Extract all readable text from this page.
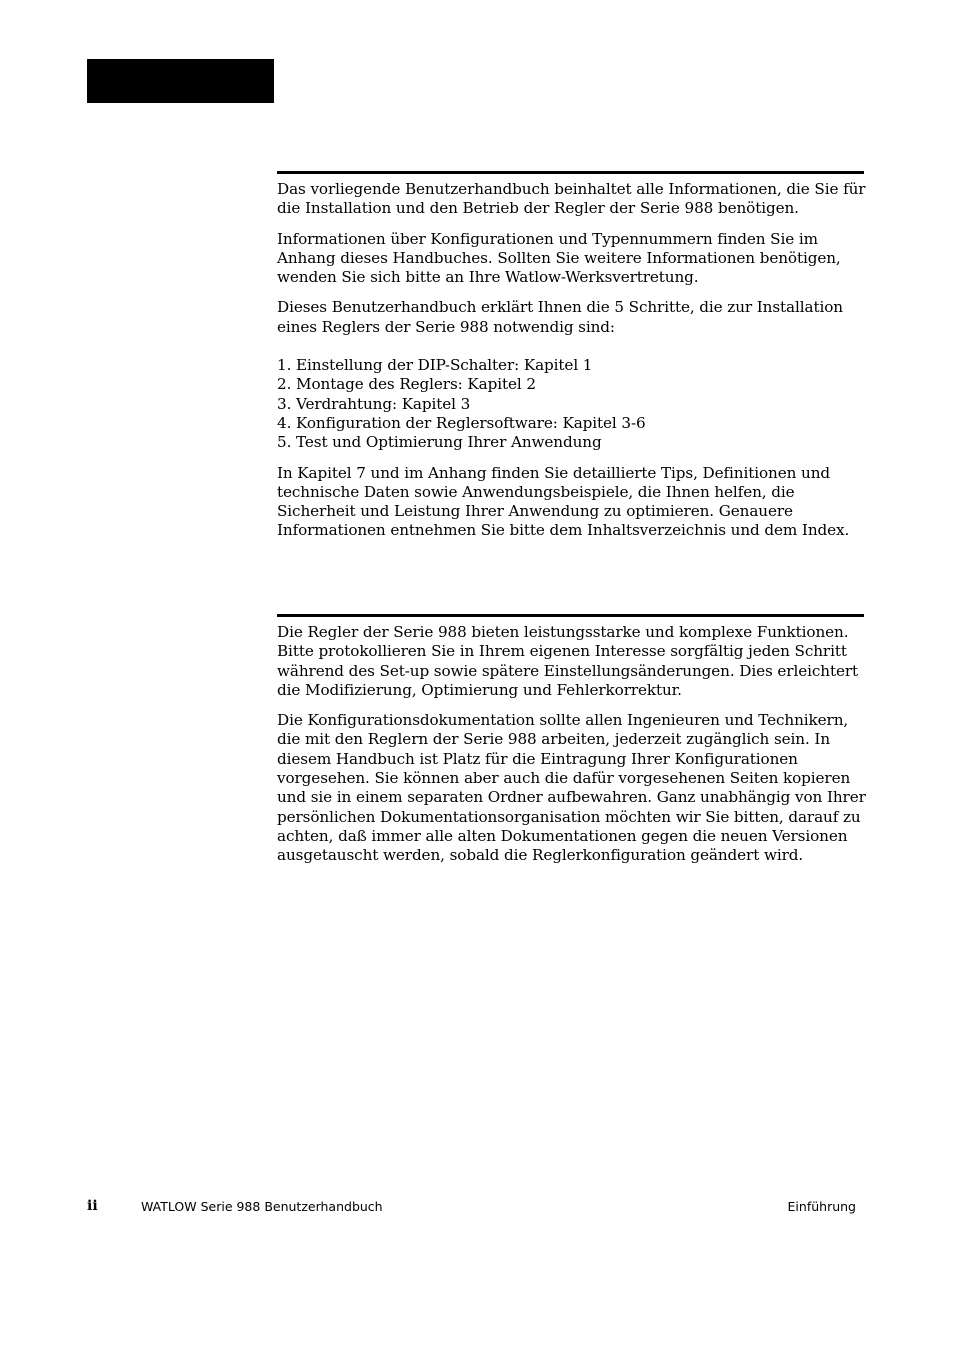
Das vorliegende Benutzerhandbuch beinhaltet alle Informationen, die Sie für die Installation und den Betrieb der Regler der Serie 988 benötigen.

Informationen über Konfigurationen und Typennummern finden Sie im Anhang dieses Handbuches. Sollten Sie weitere Informationen benötigen, wenden Sie sich bitte an Ihre Watlow-Werksvertretung.

Dieses Benutzerhandbuch erklärt Ihnen die 5 Schritte, die zur Installation eines Reglers der Serie 988 notwendig sind:

1. Einstellung der DIP-Schalter: Kapitel 1
2. Montage des Reglers: Kapitel 2
3. Verdrahtung: Kapitel 3
4. Konfiguration der Reglersoftware: Kapitel 3-6
5. Test und Optimierung Ihrer Anwendung

In Kapitel 7 und im Anhang finden Sie detaillierte Tips, Definitionen und technische Daten sowie Anwendungsbeispiele, die Ihnen helfen, die Sicherheit und Leistung Ihrer Anwendung zu optimieren. Genauere Informationen entnehmen Sie bitte dem Inhaltsverzeichnis und dem Index.

Die Regler der Serie 988 bieten leistungsstarke und komplexe Funktionen. Bitte protokollieren Sie in Ihrem eigenen Interesse sorgfältig jeden Schritt während des Set-up sowie spätere Einstellungsänderungen. Dies erleichtert die Modifizierung, Optimierung und Fehlerkorrektur.

Die Konfigurationsdokumentation sollte allen Ingenieuren und Technikern, die mit den Reglern der Serie 988 arbeiten, jederzeit zugänglich sein. In diesem Handbuch ist Platz für die Eintragung Ihrer Konfigurationen vorgesehen. Sie können aber auch die dafür vorgesehenen Seiten kopieren und sie in einem separaten Ordner aufbewahren. Ganz unabhängig von Ihrer persönlichen Dokumentationsorganisation möchten wir Sie bitten, darauf zu achten, daß immer alle alten Dokumentationen gegen die neuen Versionen ausgetauscht werden, sobald die Reglerkonfiguration geändert wird.

ii	WATLOW Serie 988 Benutzerhandbuch	Einführung
